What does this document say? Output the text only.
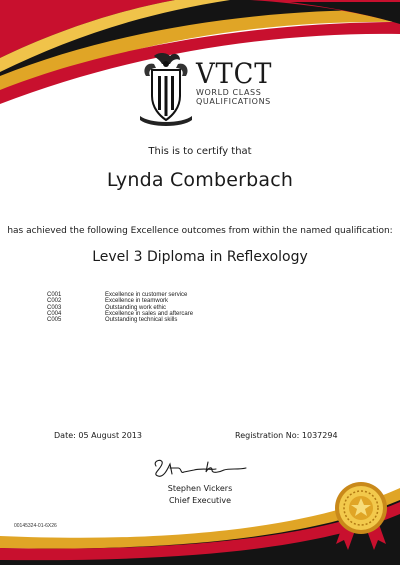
VTCT
WORLD CLASS
QUALIFICATIONS
This is to certify that
Lynda Comberbach
has achieved the following Excellence outcomes from within the named qualification:
Level 3 Diploma in Reflexology
C001	Excellence in customer service
C002	Excellence in teamwork
C003	Outstanding work ethic
C004	Excellence in sales and aftercare
C005	Outstanding technical skills
Date: 05 August 2013	Registration No: 1037294
Stephen Vickers
Chief Executive
00145324-01-6X26
